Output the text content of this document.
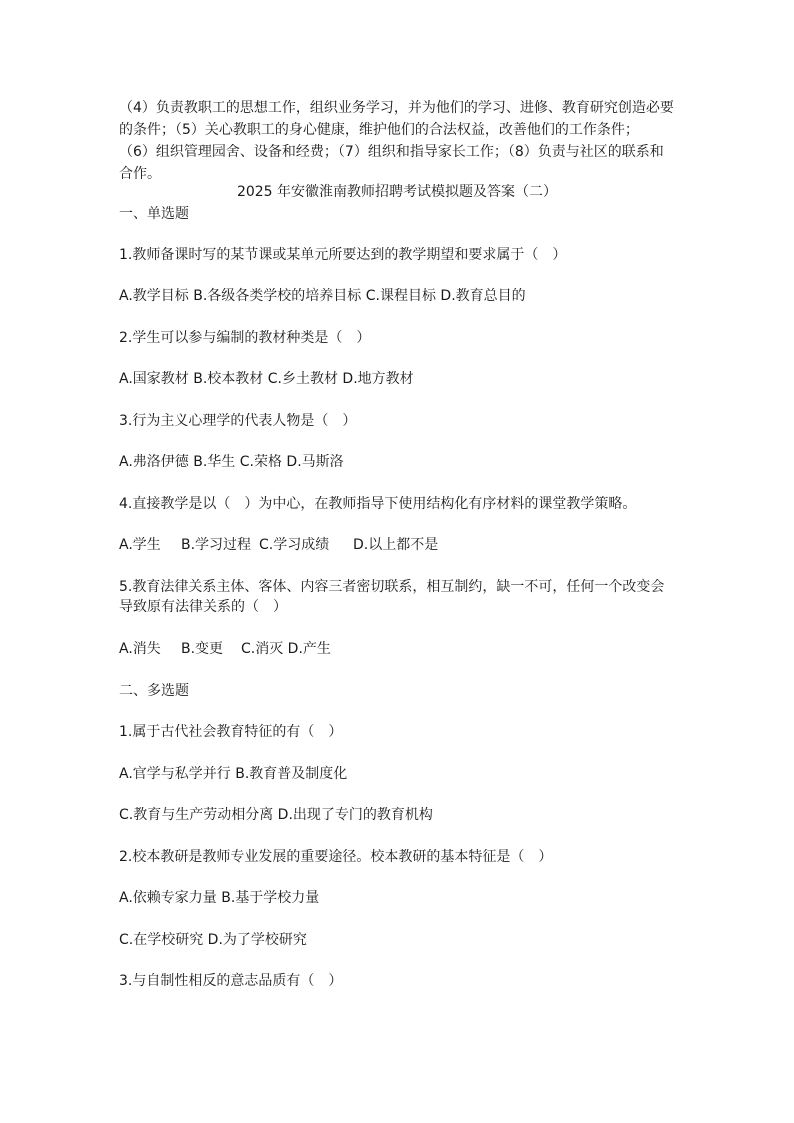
（4）负责教职工的思想工作，组织业务学习，并为他们的学习、进修、教育研究创造必要

的条件；（5）关心教职工的身心健康，维护他们的合法权益，改善他们的工作条件；

（6）组织管理园舍、设备和经费；（7）组织和指导家长工作；（8）负责与社区的联系和

合作。

2025 年安徽淮南教师招聘考试模拟题及答案（二）

一、单选题

1.教师备课时写的某节课或某单元所要达到的教学期望和要求属于（　）

A.教学目标 B.各级各类学校的培养目标 C.课程目标 D.教育总目的

2.学生可以参与编制的教材种类是（　）

A.国家教材 B.校本教材 C.乡土教材 D.地方教材

3.行为主义心理学的代表人物是（　）

A.弗洛伊德 B.华生 C.荣格 D.马斯洛

4.直接教学是以（　）为中心，在教师指导下使用结构化有序材料的课堂教学策略。

A.学生 B.学习过程 C.学习成绩 D.以上都不是

5.教育法律关系主体、客体、内容三者密切联系，相互制约，缺一不可，任何一个改变会

导致原有法律关系的（　）

A.消失 B.变更 C.消灭 D.产生

二、多选题

1.属于古代社会教育特征的有（　）

A.官学与私学并行 B.教育普及制度化

C.教育与生产劳动相分离 D.出现了专门的教育机构

2.校本教研是教师专业发展的重要途径。校本教研的基本特征是（　）

A.依赖专家力量 B.基于学校力量

C.在学校研究 D.为了学校研究

3.与自制性相反的意志品质有（　）
